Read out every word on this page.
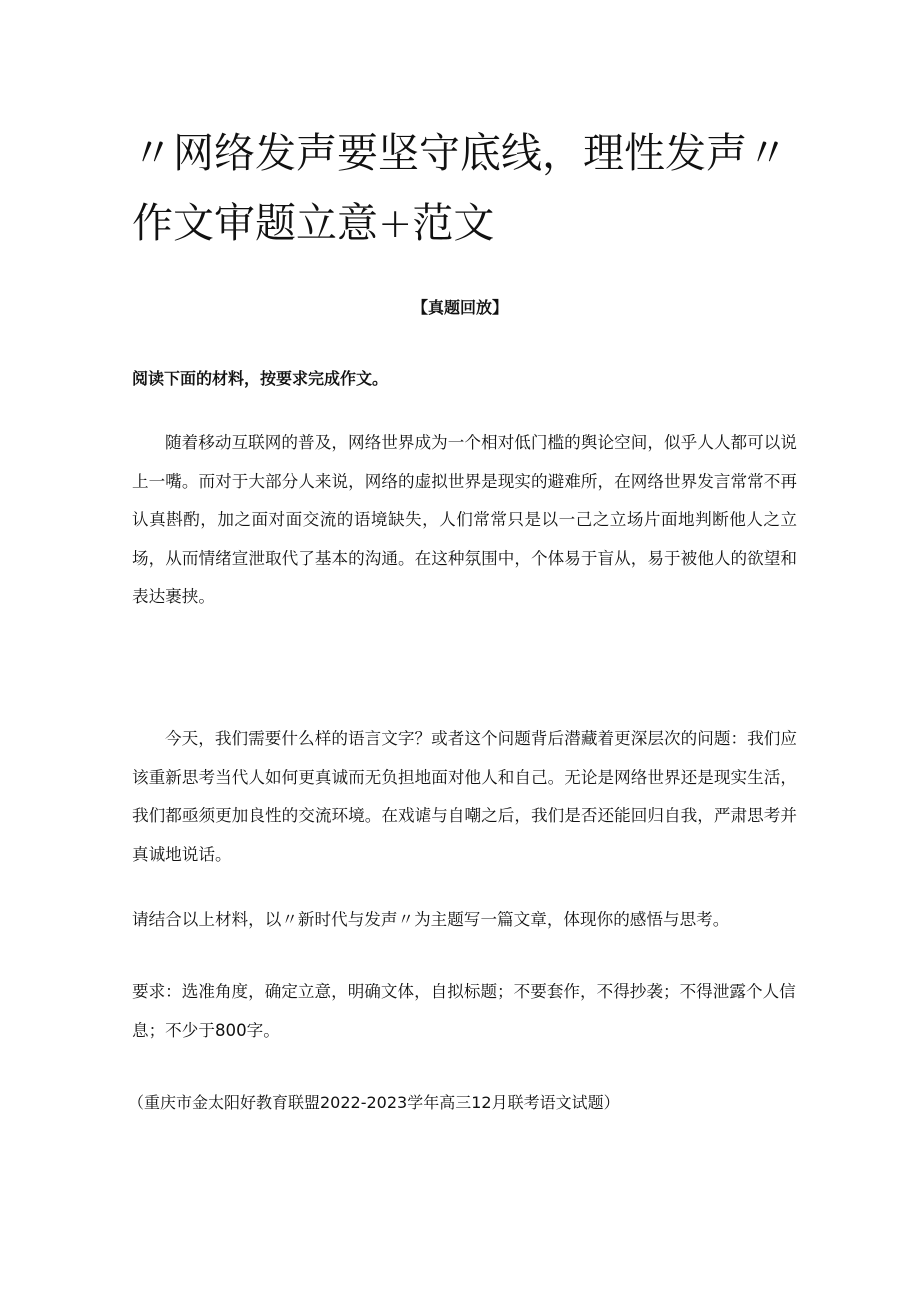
〃网络发声要坚守底线，理性发声〃
作文审题立意+范文
【真题回放】

阅读下面的材料，按要求完成作文。

随着移动互联网的普及，网络世界成为一个相对低门槛的舆论空间，似乎人人都可以说上一嘴。而对于大部分人来说，网络的虚拟世界是现实的避难所，在网络世界发言常常不再认真斟酌，加之面对面交流的语境缺失，人们常常只是以一己之立场片面地判断他人之立场，从而情绪宣泄取代了基本的沟通。在这种氛围中，个体易于盲从，易于被他人的欲望和表达裹挟。

今天，我们需要什么样的语言文字？或者这个问题背后潜藏着更深层次的问题：我们应该重新思考当代人如何更真诚而无负担地面对他人和自己。无论是网络世界还是现实生活，我们都亟须更加良性的交流环境。在戏谑与自嘲之后，我们是否还能回归自我，严肃思考并真诚地说话。

请结合以上材料，以〃新时代与发声〃为主题写一篇文章，体现你的感悟与思考。

要求：选准角度，确定立意，明确文体，自拟标题；不要套作，不得抄袭；不得泄露个人信息；不少于800字。

（重庆市金太阳好教育联盟2022-2023学年高三12月联考语文试题）
